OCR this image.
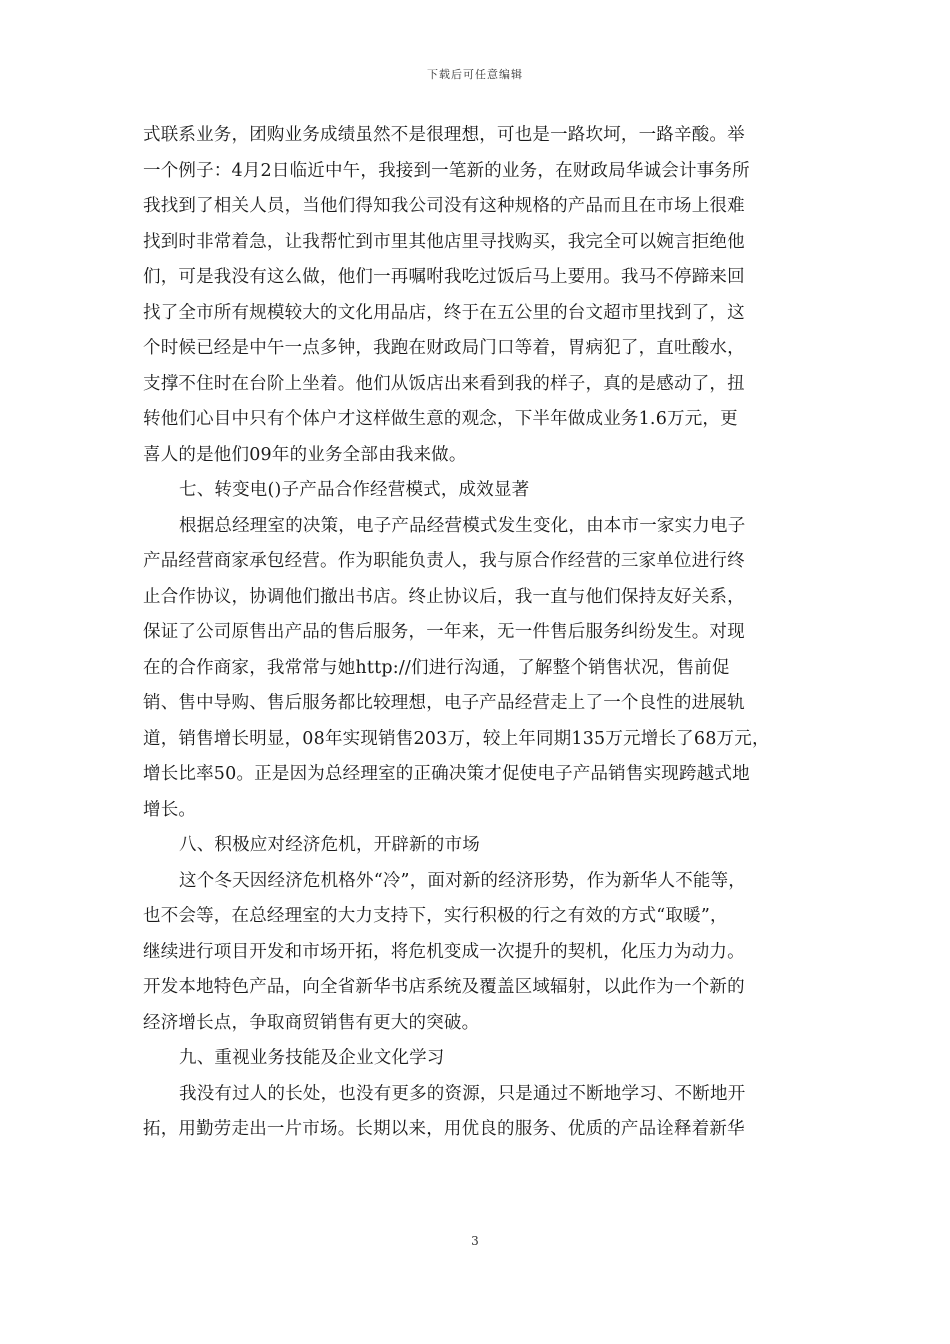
下载后可任意编辑
式联系业务，团购业务成绩虽然不是很理想，可也是一路坎坷，一路辛酸。举
一个例子：4月2日临近中午，我接到一笔新的业务，在财政局华诚会计事务所
我找到了相关人员，当他们得知我公司没有这种规格的产品而且在市场上很难
找到时非常着急，让我帮忙到市里其他店里寻找购买，我完全可以婉言拒绝他
们，可是我没有这么做，他们一再嘱咐我吃过饭后马上要用。我马不停蹄来回
找了全市所有规模较大的文化用品店，终于在五公里的台文超市里找到了，这
个时候已经是中午一点多钟，我跑在财政局门口等着，胃病犯了，直吐酸水，
支撑不住时在台阶上坐着。他们从饭店出来看到我的样子，真的是感动了，扭
转他们心目中只有个体户才这样做生意的观念，下半年做成业务1.6万元，更
喜人的是他们09年的业务全部由我来做。
七、转变电()子产品合作经营模式，成效显著
根据总经理室的决策，电子产品经营模式发生变化，由本市一家实力电子
产品经营商家承包经营。作为职能负责人，我与原合作经营的三家单位进行终
止合作协议，协调他们撤出书店。终止协议后，我一直与他们保持友好关系，
保证了公司原售出产品的售后服务，一年来，无一件售后服务纠纷发生。对现
在的合作商家，我常常与她http://们进行沟通，了解整个销售状况，售前促
销、售中导购、售后服务都比较理想，电子产品经营走上了一个良性的进展轨
道，销售增长明显，08年实现销售203万，较上年同期135万元增长了68万元，
增长比率50。正是因为总经理室的正确决策才促使电子产品销售实现跨越式地
增长。
八、积极应对经济危机，开辟新的市场
这个冬天因经济危机格外“冷”，面对新的经济形势，作为新华人不能等，
也不会等，在总经理室的大力支持下，实行积极的行之有效的方式“取暖”，
继续进行项目开发和市场开拓，将危机变成一次提升的契机，化压力为动力。
开发本地特色产品，向全省新华书店系统及覆盖区域辐射，以此作为一个新的
经济增长点，争取商贸销售有更大的突破。
九、重视业务技能及企业文化学习
我没有过人的长处，也没有更多的资源，只是通过不断地学习、不断地开
拓，用勤劳走出一片市场。长期以来，用优良的服务、优质的产品诠释着新华
3
